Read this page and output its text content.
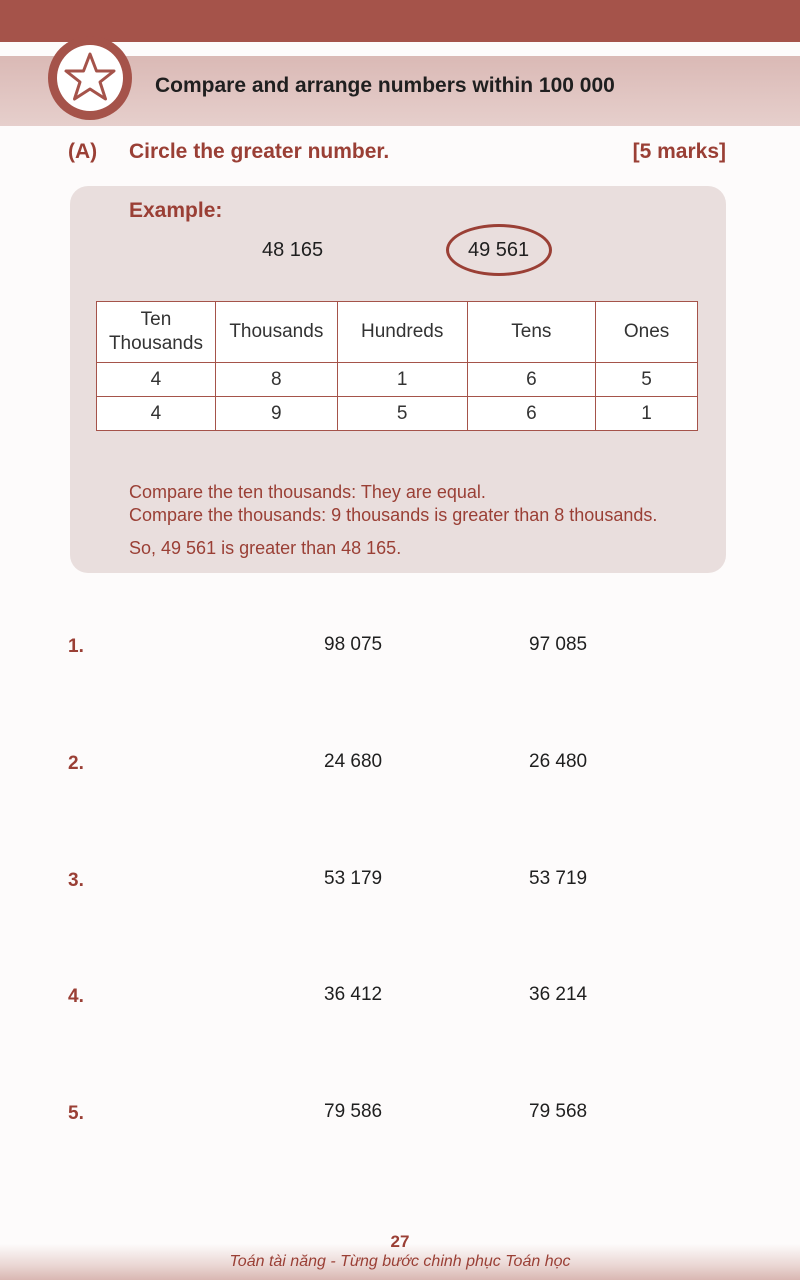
Compare and arrange numbers within 100 000
(A) Circle the greater number.	[5 marks]
Example:
48 165	49 561
Ten Thousands	Thousands	Hundreds	Tens	Ones
4	8	1	6	5
4	9	5	6	1
Compare the ten thousands: They are equal.
Compare the thousands: 9 thousands is greater than 8 thousands.
So, 49 561 is greater than 48 165.
1.	98 075	97 085
2.	24 680	26 480
3.	53 179	53 719
4.	36 412	36 214
5.	79 586	79 568
27
Toán tài năng - Từng bước chinh phục Toán học
